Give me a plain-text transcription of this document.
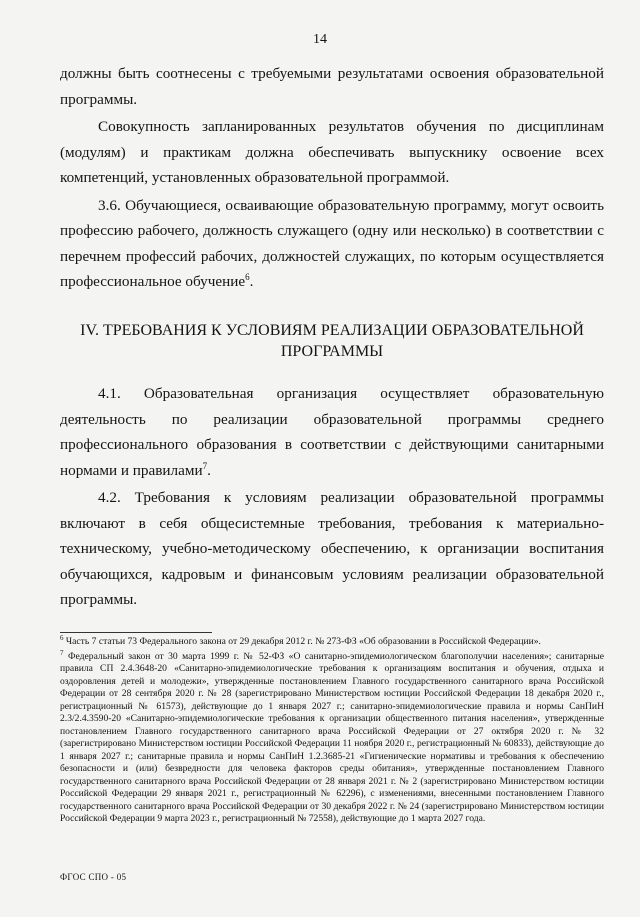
14

должны быть соотнесены с требуемыми результатами освоения образовательной программы.

Совокупность запланированных результатов обучения по дисциплинам (модулям) и практикам должна обеспечивать выпускнику освоение всех компетенций, установленных образовательной программой.

3.6. Обучающиеся, осваивающие образовательную программу, могут освоить профессию рабочего, должность служащего (одну или несколько) в соответствии с перечнем профессий рабочих, должностей служащих, по которым осуществляется профессиональное обучение$^6$.

IV. ТРЕБОВАНИЯ К УСЛОВИЯМ РЕАЛИЗАЦИИ ОБРАЗОВАТЕЛЬНОЙ
ПРОГРАММЫ

4.1. Образовательная организация осуществляет образовательную деятельность по реализации образовательной программы среднего профессионального образования в соответствии с действующими санитарными нормами и правилами$^7$.

4.2. Требования к условиям реализации образовательной программы включают в себя общесистемные требования, требования к материально-техническому, учебно-методическому обеспечению, к организации воспитания обучающихся, кадровым и финансовым условиям реализации образовательной программы.

$^6$ Часть 7 статьи 73 Федерального закона от 29 декабря 2012 г. № 273-ФЗ «Об образовании в Российской Федерации».

$^7$ Федеральный закон от 30 марта 1999 г. № 52-ФЗ «О санитарно-эпидемиологическом благополучии населения»; санитарные правила СП 2.4.3648-20 «Санитарно-эпидемиологические требования к организациям воспитания и обучения, отдыха и оздоровления детей и молодежи», утвержденные постановлением Главного государственного санитарного врача Российской Федерации от 28 сентября 2020 г. № 28 (зарегистрировано Министерством юстиции Российской Федерации 18 декабря 2020 г., регистрационный № 61573), действующие до 1 января 2027 г.; санитарно-эпидемиологические правила и нормы СанПиН 2.3/2.4.3590-20 «Санитарно-эпидемиологические требования к организации общественного питания населения», утвержденные постановлением Главного государственного санитарного врача Российской Федерации от 27 октября 2020 г. № 32 (зарегистрировано Министерством юстиции Российской Федерации 11 ноября 2020 г., регистрационный № 60833), действующие до 1 января 2027 г.; санитарные правила и нормы СанПиН 1.2.3685-21 «Гигиенические нормативы и требования к обеспечению безопасности и (или) безвредности для человека факторов среды обитания», утвержденные постановлением Главного государственного санитарного врача Российской Федерации от 28 января 2021 г. № 2 (зарегистрировано Министерством юстиции Российской Федерации 29 января 2021 г., регистрационный № 62296), с изменениями, внесенными постановлением Главного государственного санитарного врача Российской Федерации от 30 декабря 2022 г. № 24 (зарегистрировано Министерством юстиции Российской Федерации 9 марта 2023 г., регистрационный № 72558), действующие до 1 марта 2027 года.

ФГОС СПО - 05
